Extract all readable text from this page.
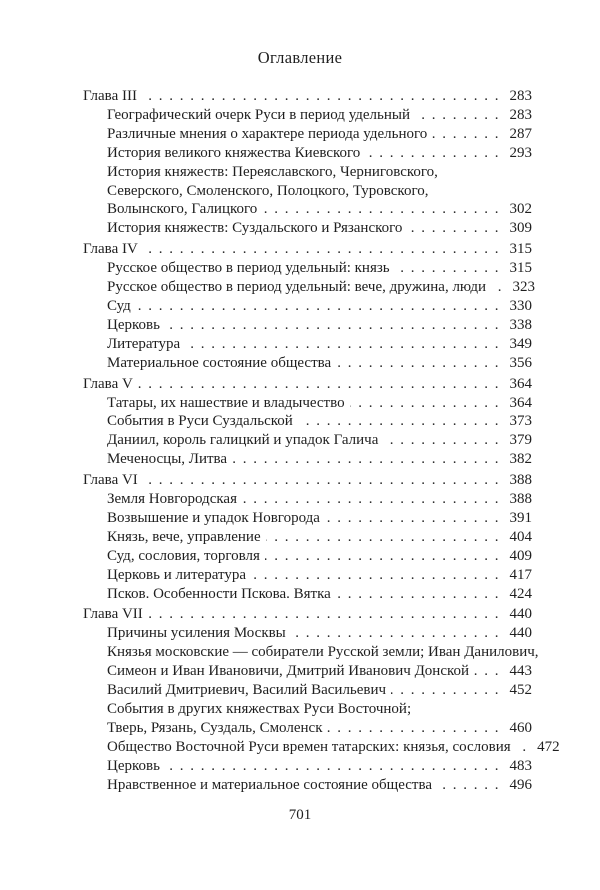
Оглавление
Глава III . . .	283
Географический очерк Руси в период удельный . . .	283
Различные мнения о характере периода удельного . . .	287
История великого княжества Киевского . . .	293
История княжеств: Переяславского, Черниговского,
Северского, Смоленского, Полоцкого, Туровского,
Волынского, Галицкого . . .	302
История княжеств: Суздальского и Рязанского . . .	309
Глава IV . . .	315
Русское общество в период удельный: князь . . .	315
Русское общество в период удельный: вече, дружина, люди . . .	323
Суд . . .	330
Церковь . . .	338
Литература . . .	349
Материальное состояние общества . . .	356
Глава V . . .	364
Татары, их нашествие и владычество . . .	364
События в Руси Суздальской . . .	373
Даниил, король галицкий и упадок Галича . . .	379
Меченосцы, Литва . . .	382
Глава VI . . .	388
Земля Новгородская . . .	388
Возвышение и упадок Новгорода . . .	391
Князь, вече, управление . . .	404
Суд, сословия, торговля . . .	409
Церковь и литература . . .	417
Псков. Особенности Пскова. Вятка . . .	424
Глава VII . . .	440
Причины усиления Москвы . . .	440
Князья московские — собиратели Русской земли; Иван Данилович,
Симеон и Иван Ивановичи, Дмитрий Иванович Донской . . .	443
Василий Дмитриевич, Василий Васильевич . . .	452
События в других княжествах Руси Восточной;
Тверь, Рязань, Суздаль, Смоленск . . .	460
Общество Восточной Руси времен татарских: князья, сословия . . .	472
Церковь . . .	483
Нравственное и материальное состояние общества . . .	496
701
